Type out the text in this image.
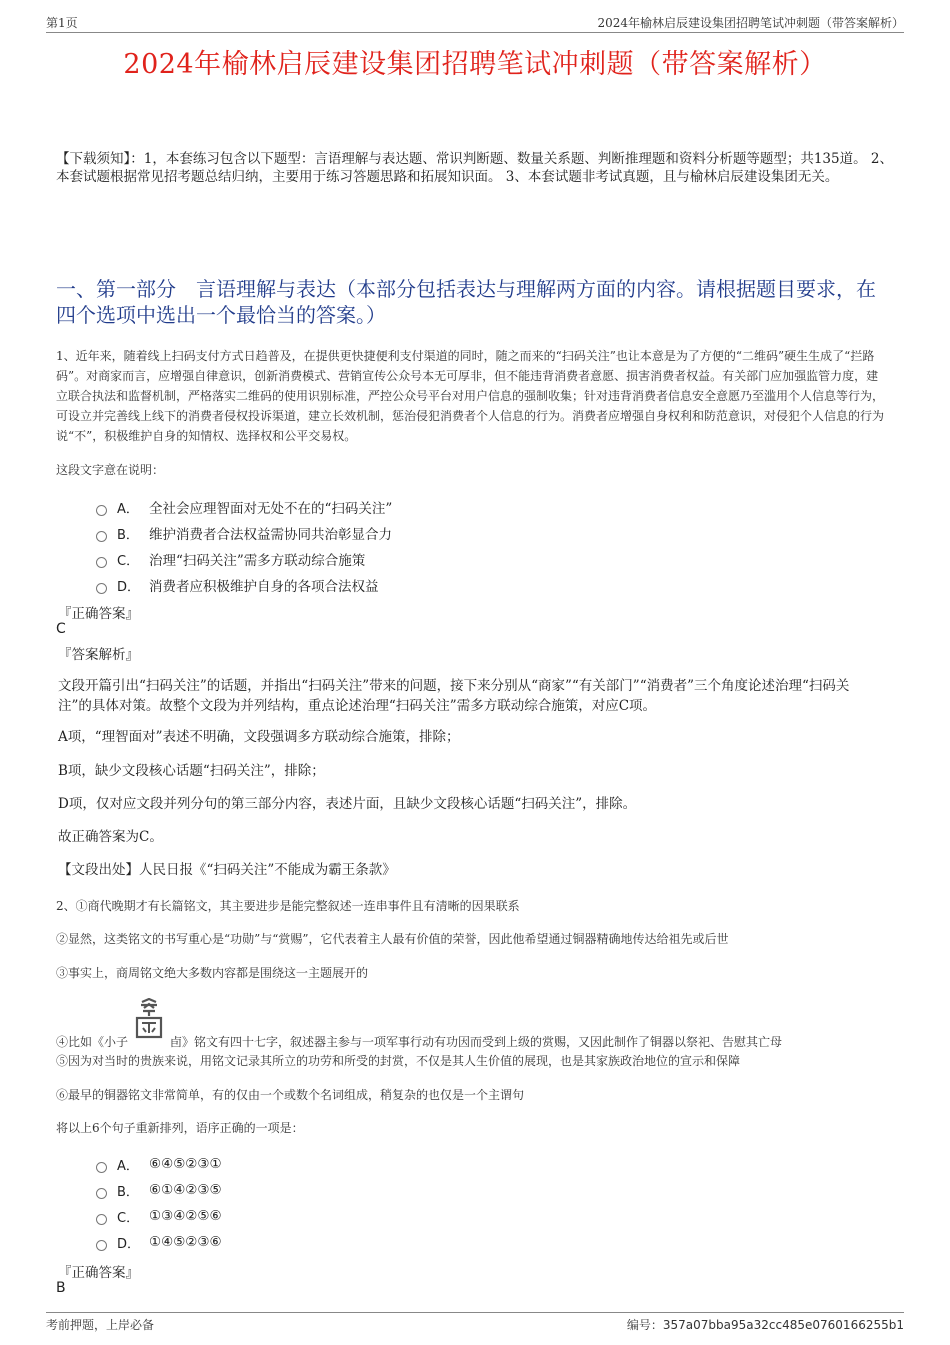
第1页	2024年榆林启辰建设集团招聘笔试冲刺题（带答案解析）
2024年榆林启辰建设集团招聘笔试冲刺题（带答案解析）
【下载须知】：1，本套练习包含以下题型：言语理解与表达题、常识判断题、数量关系题、判断推理题和资料分析题等题型；共135道。 2、本套试题根据常见招考题总结归纳，主要用于练习答题思路和拓展知识面。 3、本套试题非考试真题，且与榆林启辰建设集团无关。
一、第一部分　言语理解与表达（本部分包括表达与理解两方面的内容。请根据题目要求，在四个选项中选出一个最恰当的答案。）
1、近年来，随着线上扫码支付方式日趋普及，在提供更快捷便利支付渠道的同时，随之而来的“扫码关注”也让本意是为了方便的“二维码”硬生生成了“拦路码”。对商家而言，应增强自律意识，创新消费模式、营销宣传公众号本无可厚非，但不能违背消费者意愿、损害消费者权益。有关部门应加强监管力度，建立联合执法和监督机制，严格落实二维码的使用识别标准，严控公众号平台对用户信息的强制收集；针对违背消费者信息安全意愿乃至滥用个人信息等行为，可设立并完善线上线下的消费者侵权投诉渠道，建立长效机制，惩治侵犯消费者个人信息的行为。消费者应增强自身权利和防范意识，对侵犯个人信息的行为说“不”，积极维护自身的知情权、选择权和公平交易权。
这段文字意在说明：
A． 全社会应理智面对无处不在的“扫码关注”
B． 维护消费者合法权益需协同共治彰显合力
C． 治理“扫码关注”需多方联动综合施策
D． 消费者应积极维护自身的各项合法权益
『正确答案』
C
『答案解析』
文段开篇引出“扫码关注”的话题，并指出“扫码关注”带来的问题，接下来分别从“商家”“有关部门”“消费者”三个角度论述治理“扫码关注”的具体对策。故整个文段为并列结构，重点论述治理“扫码关注”需多方联动综合施策，对应C项。
A项，“理智面对”表述不明确，文段强调多方联动综合施策，排除；
B项，缺少文段核心话题“扫码关注”，排除；
D项，仅对应文段并列分句的第三部分内容，表述片面，且缺少文段核心话题“扫码关注”，排除。
故正确答案为C。
【文段出处】人民日报《“扫码关注”不能成为霸王条款》
2、①商代晚期才有长篇铭文，其主要进步是能完整叙述一连串事件且有清晰的因果联系
②显然，这类铭文的书写重心是“功勋”与“赏赐”，它代表着主人最有价值的荣誉，因此他希望通过铜器精确地传达给祖先或后世
③事实上，商周铭文绝大多数内容都是围绕这一主题展开的
④比如《小子	卣》铭文有四十七字，叙述器主参与一项军事行动有功因而受到上级的赏赐，又因此制作了铜器以祭祀、告慰其亡母
⑤因为对当时的贵族来说，用铭文记录其所立的功劳和所受的封赏，不仅是其人生价值的展现，也是其家族政治地位的宣示和保障
⑥最早的铜器铭文非常简单，有的仅由一个或数个名词组成，稍复杂的也仅是一个主谓句
将以上6个句子重新排列，语序正确的一项是：
A． ⑥④⑤②③①
B． ⑥①④②③⑤
C． ①③④②⑤⑥
D． ①④⑤②③⑥
『正确答案』
B
考前押题，上岸必备	编号：357a07bba95a32cc485e0760166255b1
